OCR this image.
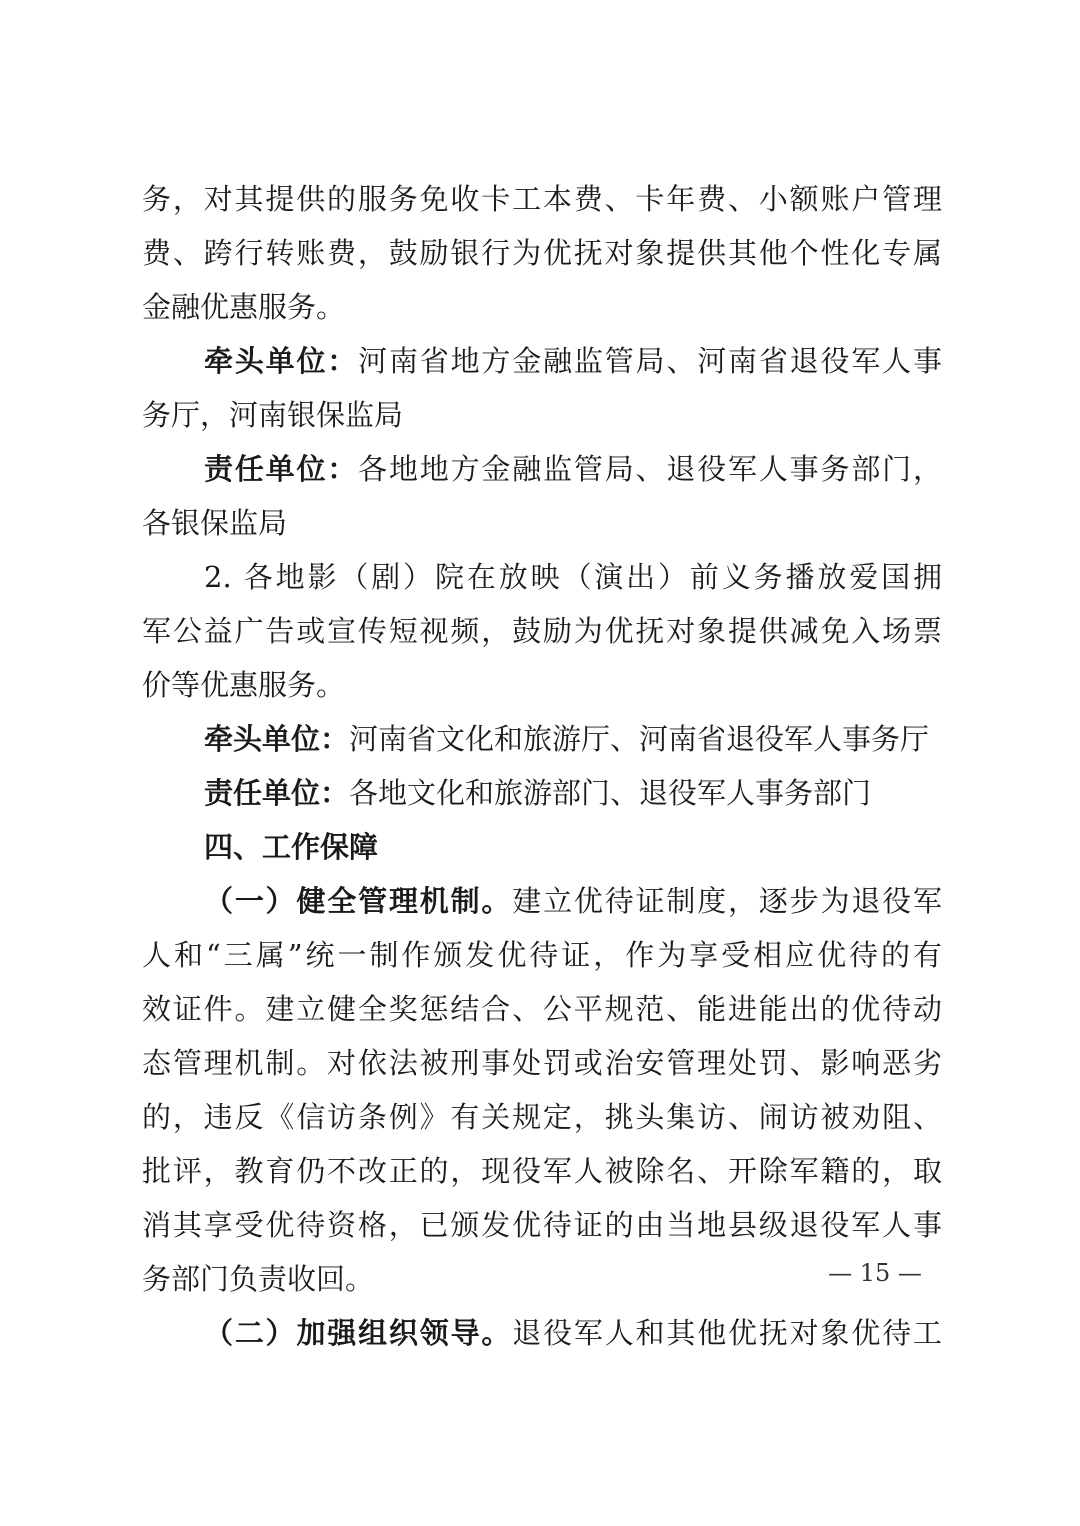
务，对其提供的服务免收卡工本费、卡年费、小额账户管理
费、跨行转账费，鼓励银行为优抚对象提供其他个性化专属
金融优惠服务。
牵头单位：河南省地方金融监管局、河南省退役军人事
务厅，河南银保监局
责任单位：各地地方金融监管局、退役军人事务部门，
各银保监局
2. 各地影（剧）院在放映（演出）前义务播放爱国拥
军公益广告或宣传短视频，鼓励为优抚对象提供减免入场票
价等优惠服务。
牵头单位：河南省文化和旅游厅、河南省退役军人事务厅
责任单位：各地文化和旅游部门、退役军人事务部门
四、工作保障
（一）健全管理机制。建立优待证制度，逐步为退役军
人和“三属”统一制作颁发优待证，作为享受相应优待的有
效证件。建立健全奖惩结合、公平规范、能进能出的优待动
态管理机制。对依法被刑事处罚或治安管理处罚、影响恶劣
的，违反《信访条例》有关规定，挑头集访、闹访被劝阻、
批评，教育仍不改正的，现役军人被除名、开除军籍的，取
消其享受优待资格，已颁发优待证的由当地县级退役军人事
务部门负责收回。
（二）加强组织领导。退役军人和其他优抚对象优待工
— 15 —
